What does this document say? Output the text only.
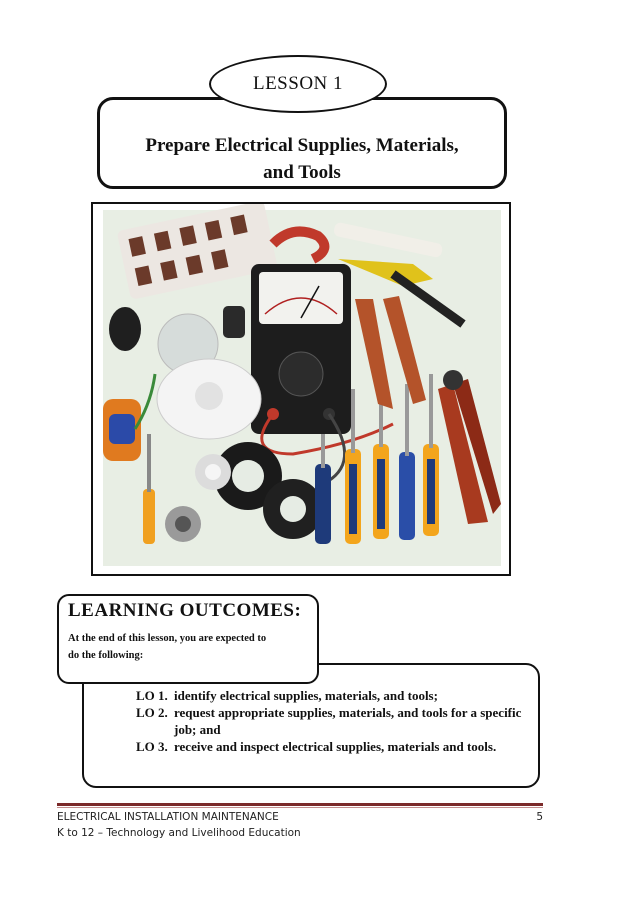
Prepare Electrical Supplies, Materials,
and Tools
LESSON 1
LEARNING OUTCOMES:
At the end of this lesson, you are expected to
do the following:
LO 1. identify electrical supplies, materials, and tools;
LO 2. request appropriate supplies, materials, and tools for a specific job; and
LO 3. receive and inspect electrical supplies, materials and tools.
ELECTRICAL INSTALLATION MAINTENANCE
K to 12 – Technology and Livelihood Education
5
